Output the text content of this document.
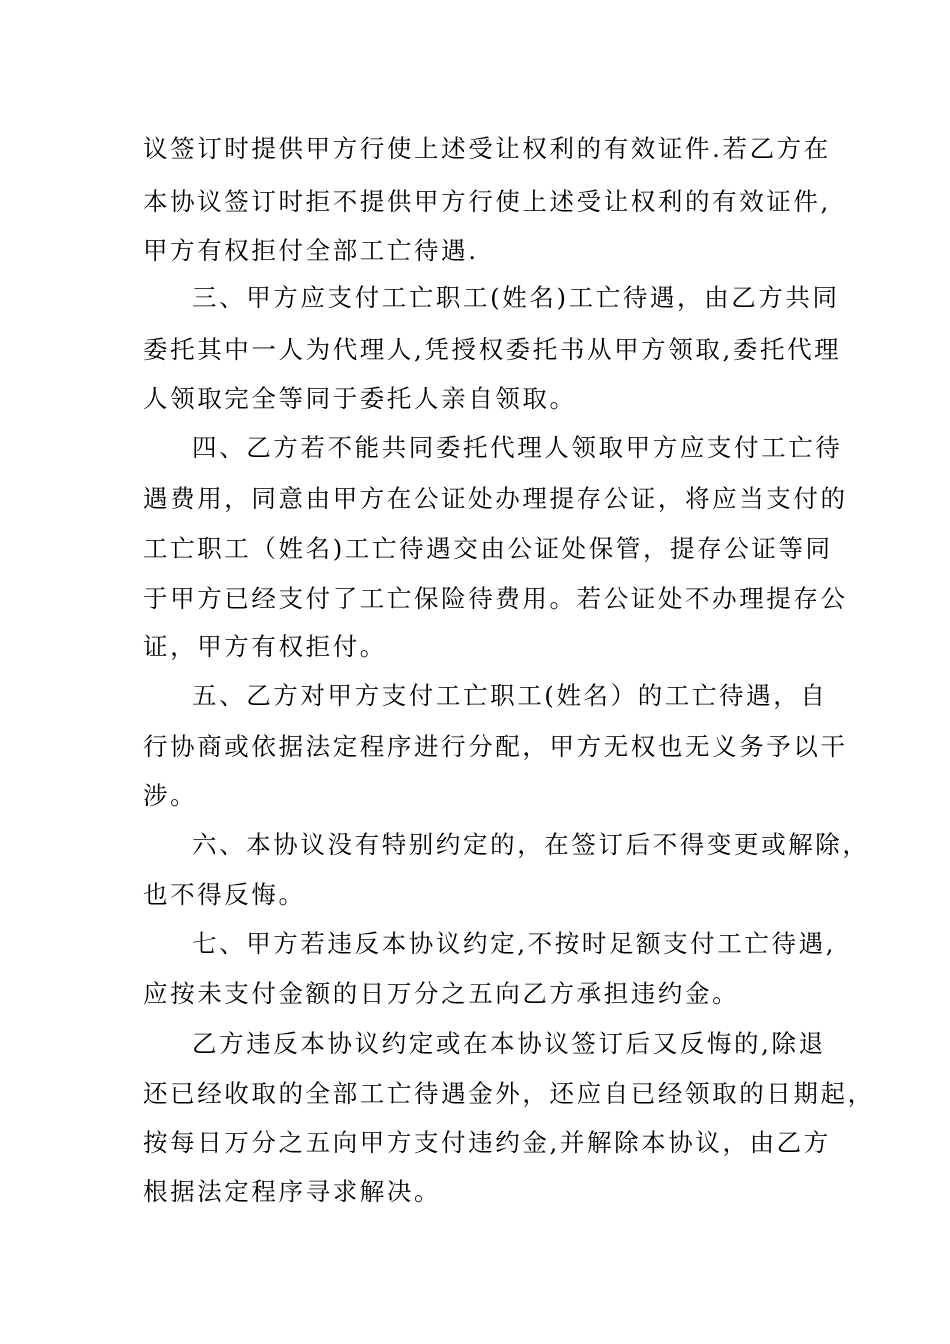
议签订时提供甲方行使上述受让权利的有效证件.若乙方在
本协议签订时拒不提供甲方行使上述受让权利的有效证件,
甲方有权拒付全部工亡待遇.
三、甲方应支付工亡职工(姓名)工亡待遇，由乙方共同
委托其中一人为代理人,凭授权委托书从甲方领取,委托代理
人领取完全等同于委托人亲自领取。
四、乙方若不能共同委托代理人领取甲方应支付工亡待
遇费用，同意由甲方在公证处办理提存公证，将应当支付的
工亡职工（姓名)工亡待遇交由公证处保管，提存公证等同
于甲方已经支付了工亡保险待费用。若公证处不办理提存公
证，甲方有权拒付。
五、乙方对甲方支付工亡职工(姓名）的工亡待遇，自
行协商或依据法定程序进行分配，甲方无权也无义务予以干
涉。
六、本协议没有特别约定的，在签订后不得变更或解除，
也不得反悔。
七、甲方若违反本协议约定,不按时足额支付工亡待遇,
应按未支付金额的日万分之五向乙方承担违约金。
乙方违反本协议约定或在本协议签订后又反悔的,除退
还已经收取的全部工亡待遇金外，还应自已经领取的日期起，
按每日万分之五向甲方支付违约金,并解除本协议，由乙方
根据法定程序寻求解决。
